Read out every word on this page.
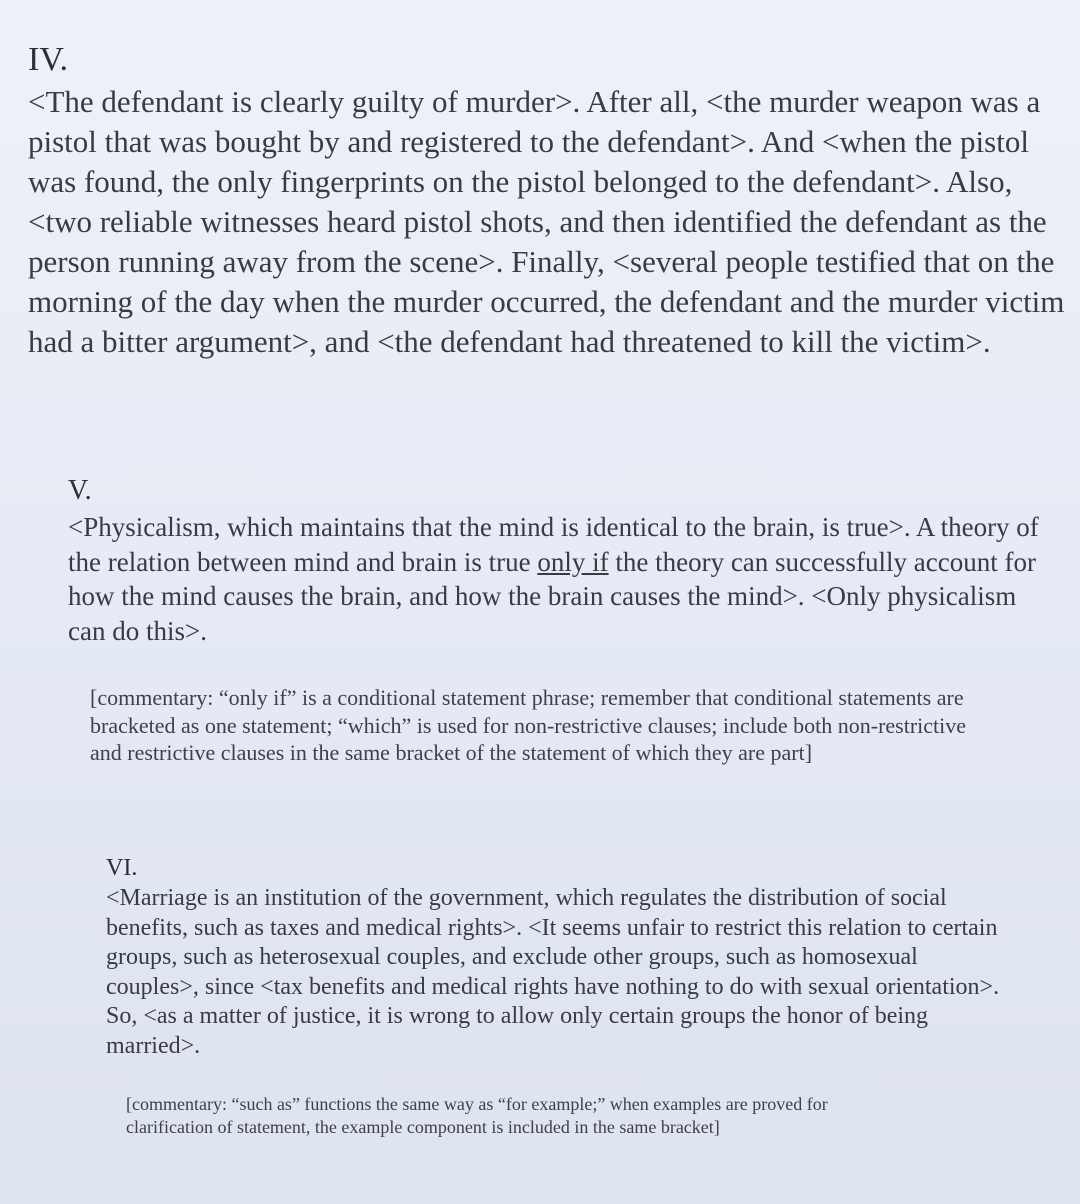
IV.

<The defendant is clearly guilty of murder>. After all, <the murder weapon was a pistol that was bought by and registered to the defendant>. And <when the pistol was found, the only fingerprints on the pistol belonged to the defendant>. Also, <two reliable witnesses heard pistol shots, and then identified the defendant as the person running away from the scene>. Finally, <several people testified that on the morning of the day when the murder occurred, the defendant and the murder victim had a bitter argument>, and <the defendant had threatened to kill the victim>.

V.

<Physicalism, which maintains that the mind is identical to the brain, is true>. A theory of the relation between mind and brain is true only if the theory can successfully account for how the mind causes the brain, and how the brain causes the mind>. <Only physicalism can do this>.

[commentary: “only if” is a conditional statement phrase; remember that conditional statements are bracketed as one statement; “which” is used for non-restrictive clauses; include both non-restrictive and restrictive clauses in the same bracket of the statement of which they are part]

VI.

<Marriage is an institution of the government, which regulates the distribution of social benefits, such as taxes and medical rights>. <It seems unfair to restrict this relation to certain groups, such as heterosexual couples, and exclude other groups, such as homosexual couples>, since <tax benefits and medical rights have nothing to do with sexual orientation>. So, <as a matter of justice, it is wrong to allow only certain groups the honor of being married>.

[commentary: “such as” functions the same way as “for example;” when examples are proved for clarification of statement, the example component is included in the same bracket]
